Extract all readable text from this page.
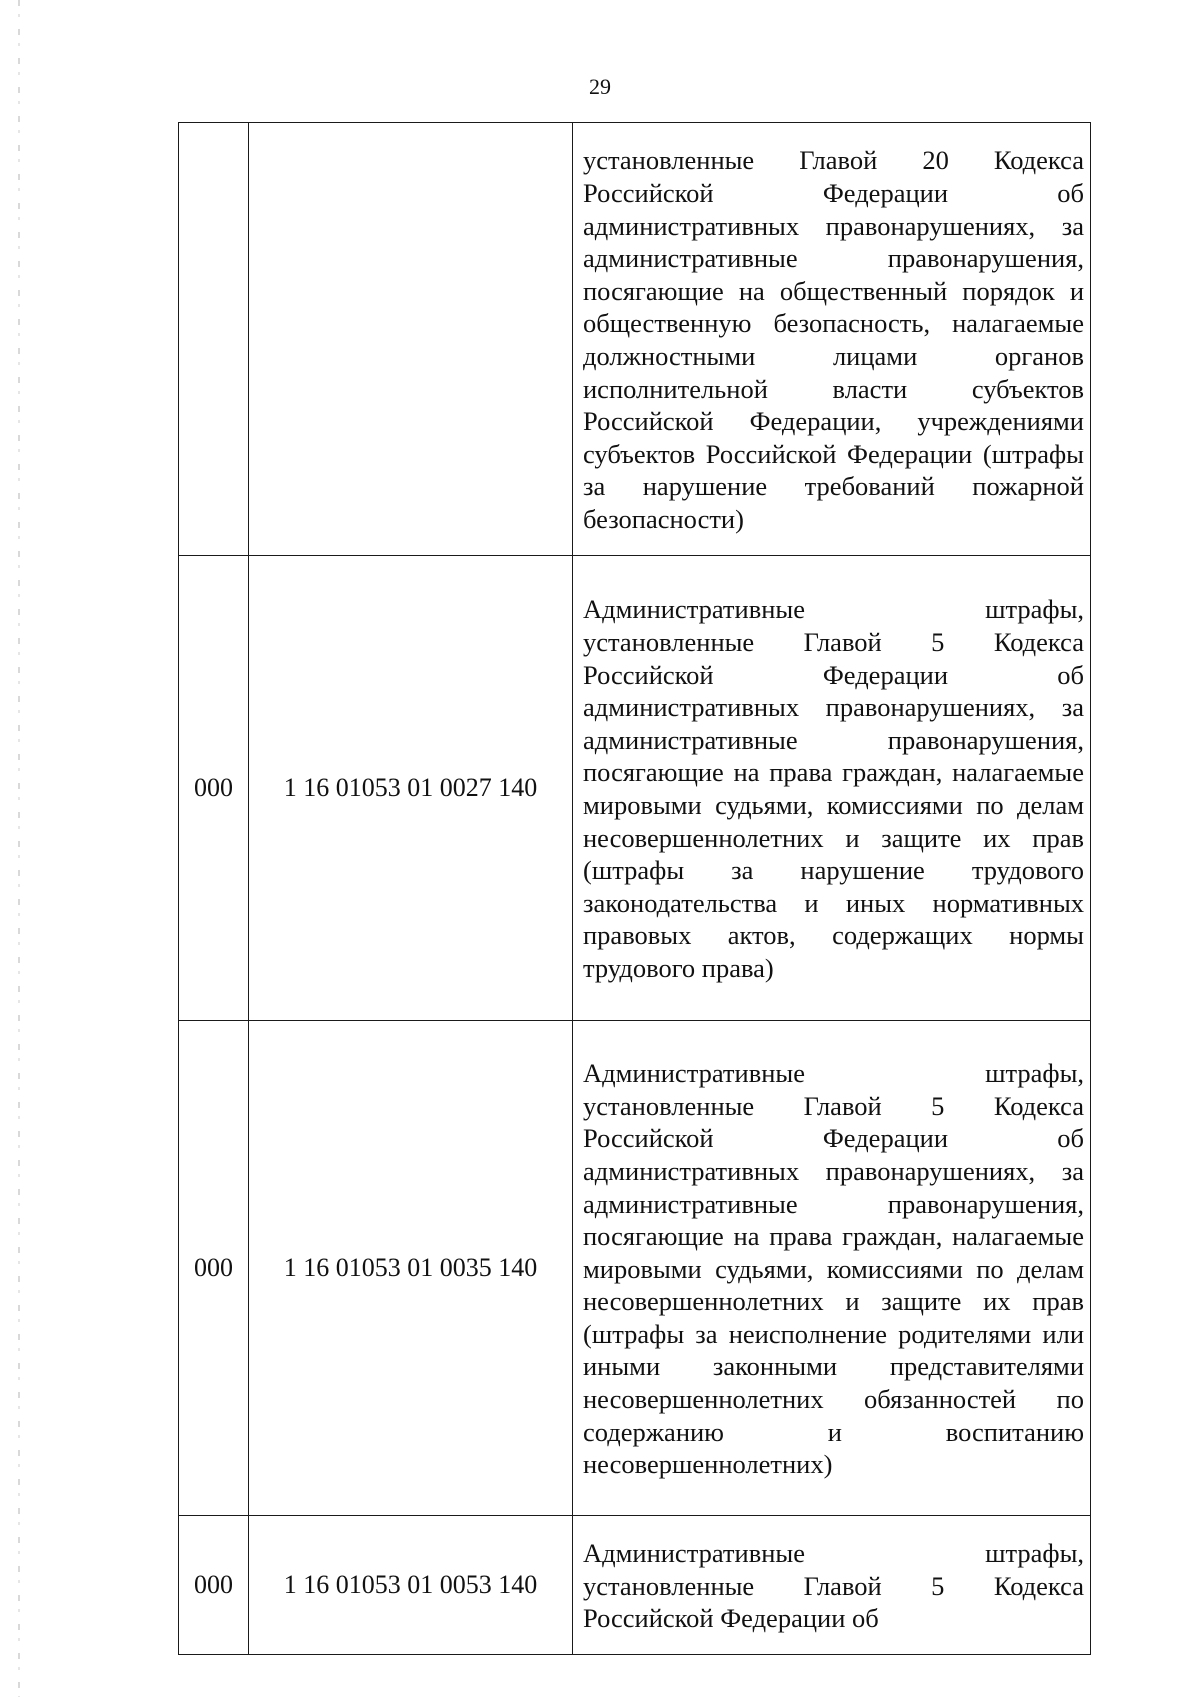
29
		установленные Главой 20 Кодекса Российской Федерации об административных правонарушениях, за административные правонарушения, посягающие на общественный порядок и общественную безопасность, налагаемые должностными лицами органов исполнительной власти субъектов Российской Федерации, учреждениями субъектов Российской Федерации (штрафы за нарушение требований пожарной безопасности)
000	1 16 01053 01 0027 140	Административные штрафы, установленные Главой 5 Кодекса Российской Федерации об административных правонарушениях, за административные правонарушения, посягающие на права граждан, налагаемые мировыми судьями, комиссиями по делам несовершеннолетних и защите их прав (штрафы за нарушение трудового законодательства и иных нормативных правовых актов, содержащих нормы трудового права)
000	1 16 01053 01 0035 140	Административные штрафы, установленные Главой 5 Кодекса Российской Федерации об административных правонарушениях, за административные правонарушения, посягающие на права граждан, налагаемые мировыми судьями, комиссиями по делам несовершеннолетних и защите их прав (штрафы за неисполнение родителями или иными законными представителями несовершеннолетних обязанностей по содержанию и воспитанию несовершеннолетних)
000	1 16 01053 01 0053 140	Административные штрафы, установленные Главой 5 Кодекса Российской Федерации об
